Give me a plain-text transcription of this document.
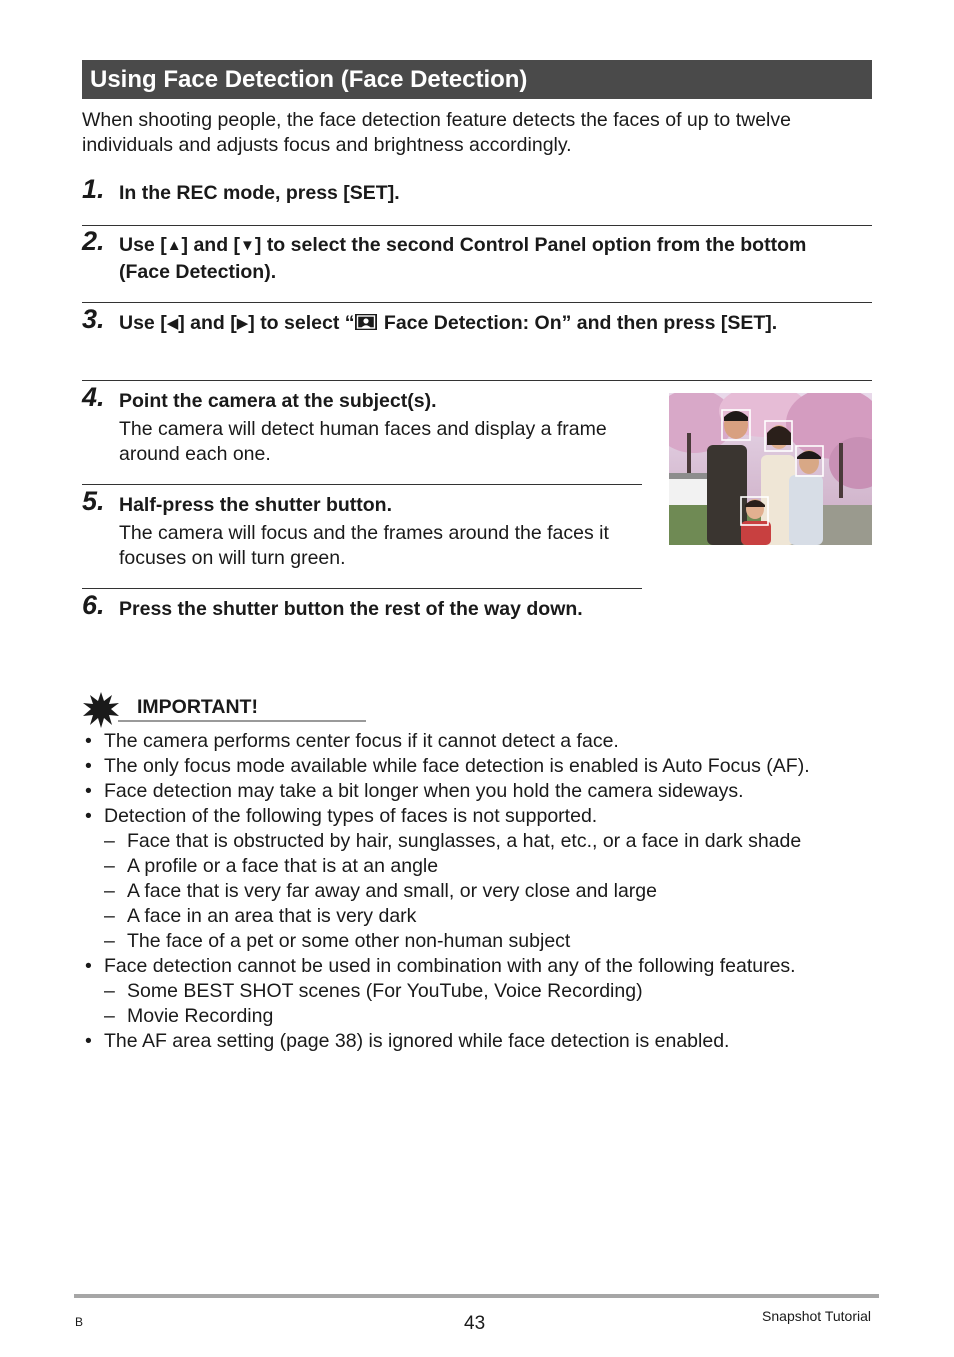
Using Face Detection (Face Detection)

When shooting people, the face detection feature detects the faces of up to twelve individuals and adjusts focus and brightness accordingly.

1. In the REC mode, press [SET].
2. Use [▲] and [▼] to select the second Control Panel option from the bottom (Face Detection).
3. Use [◀] and [▶] to select “ Face Detection: On” and then press [SET].
4. Point the camera at the subject(s).
The camera will detect human faces and display a frame around each one.
5. Half-press the shutter button.
The camera will focus and the frames around the faces it focuses on will turn green.
6. Press the shutter button the rest of the way down.
IMPORTANT!
• The camera performs center focus if it cannot detect a face.
• The only focus mode available while face detection is enabled is Auto Focus (AF).
• Face detection may take a bit longer when you hold the camera sideways.
• Detection of the following types of faces is not supported.
– Face that is obstructed by hair, sunglasses, a hat, etc., or a face in dark shade
– A profile or a face that is at an angle
– A face that is very far away and small, or very close and large
– A face in an area that is very dark
– The face of a pet or some other non-human subject
• Face detection cannot be used in combination with any of the following features.
– Some BEST SHOT scenes (For YouTube, Voice Recording)
– Movie Recording
• The AF area setting (page 38) is ignored while face detection is enabled.
B	43	Snapshot Tutorial
